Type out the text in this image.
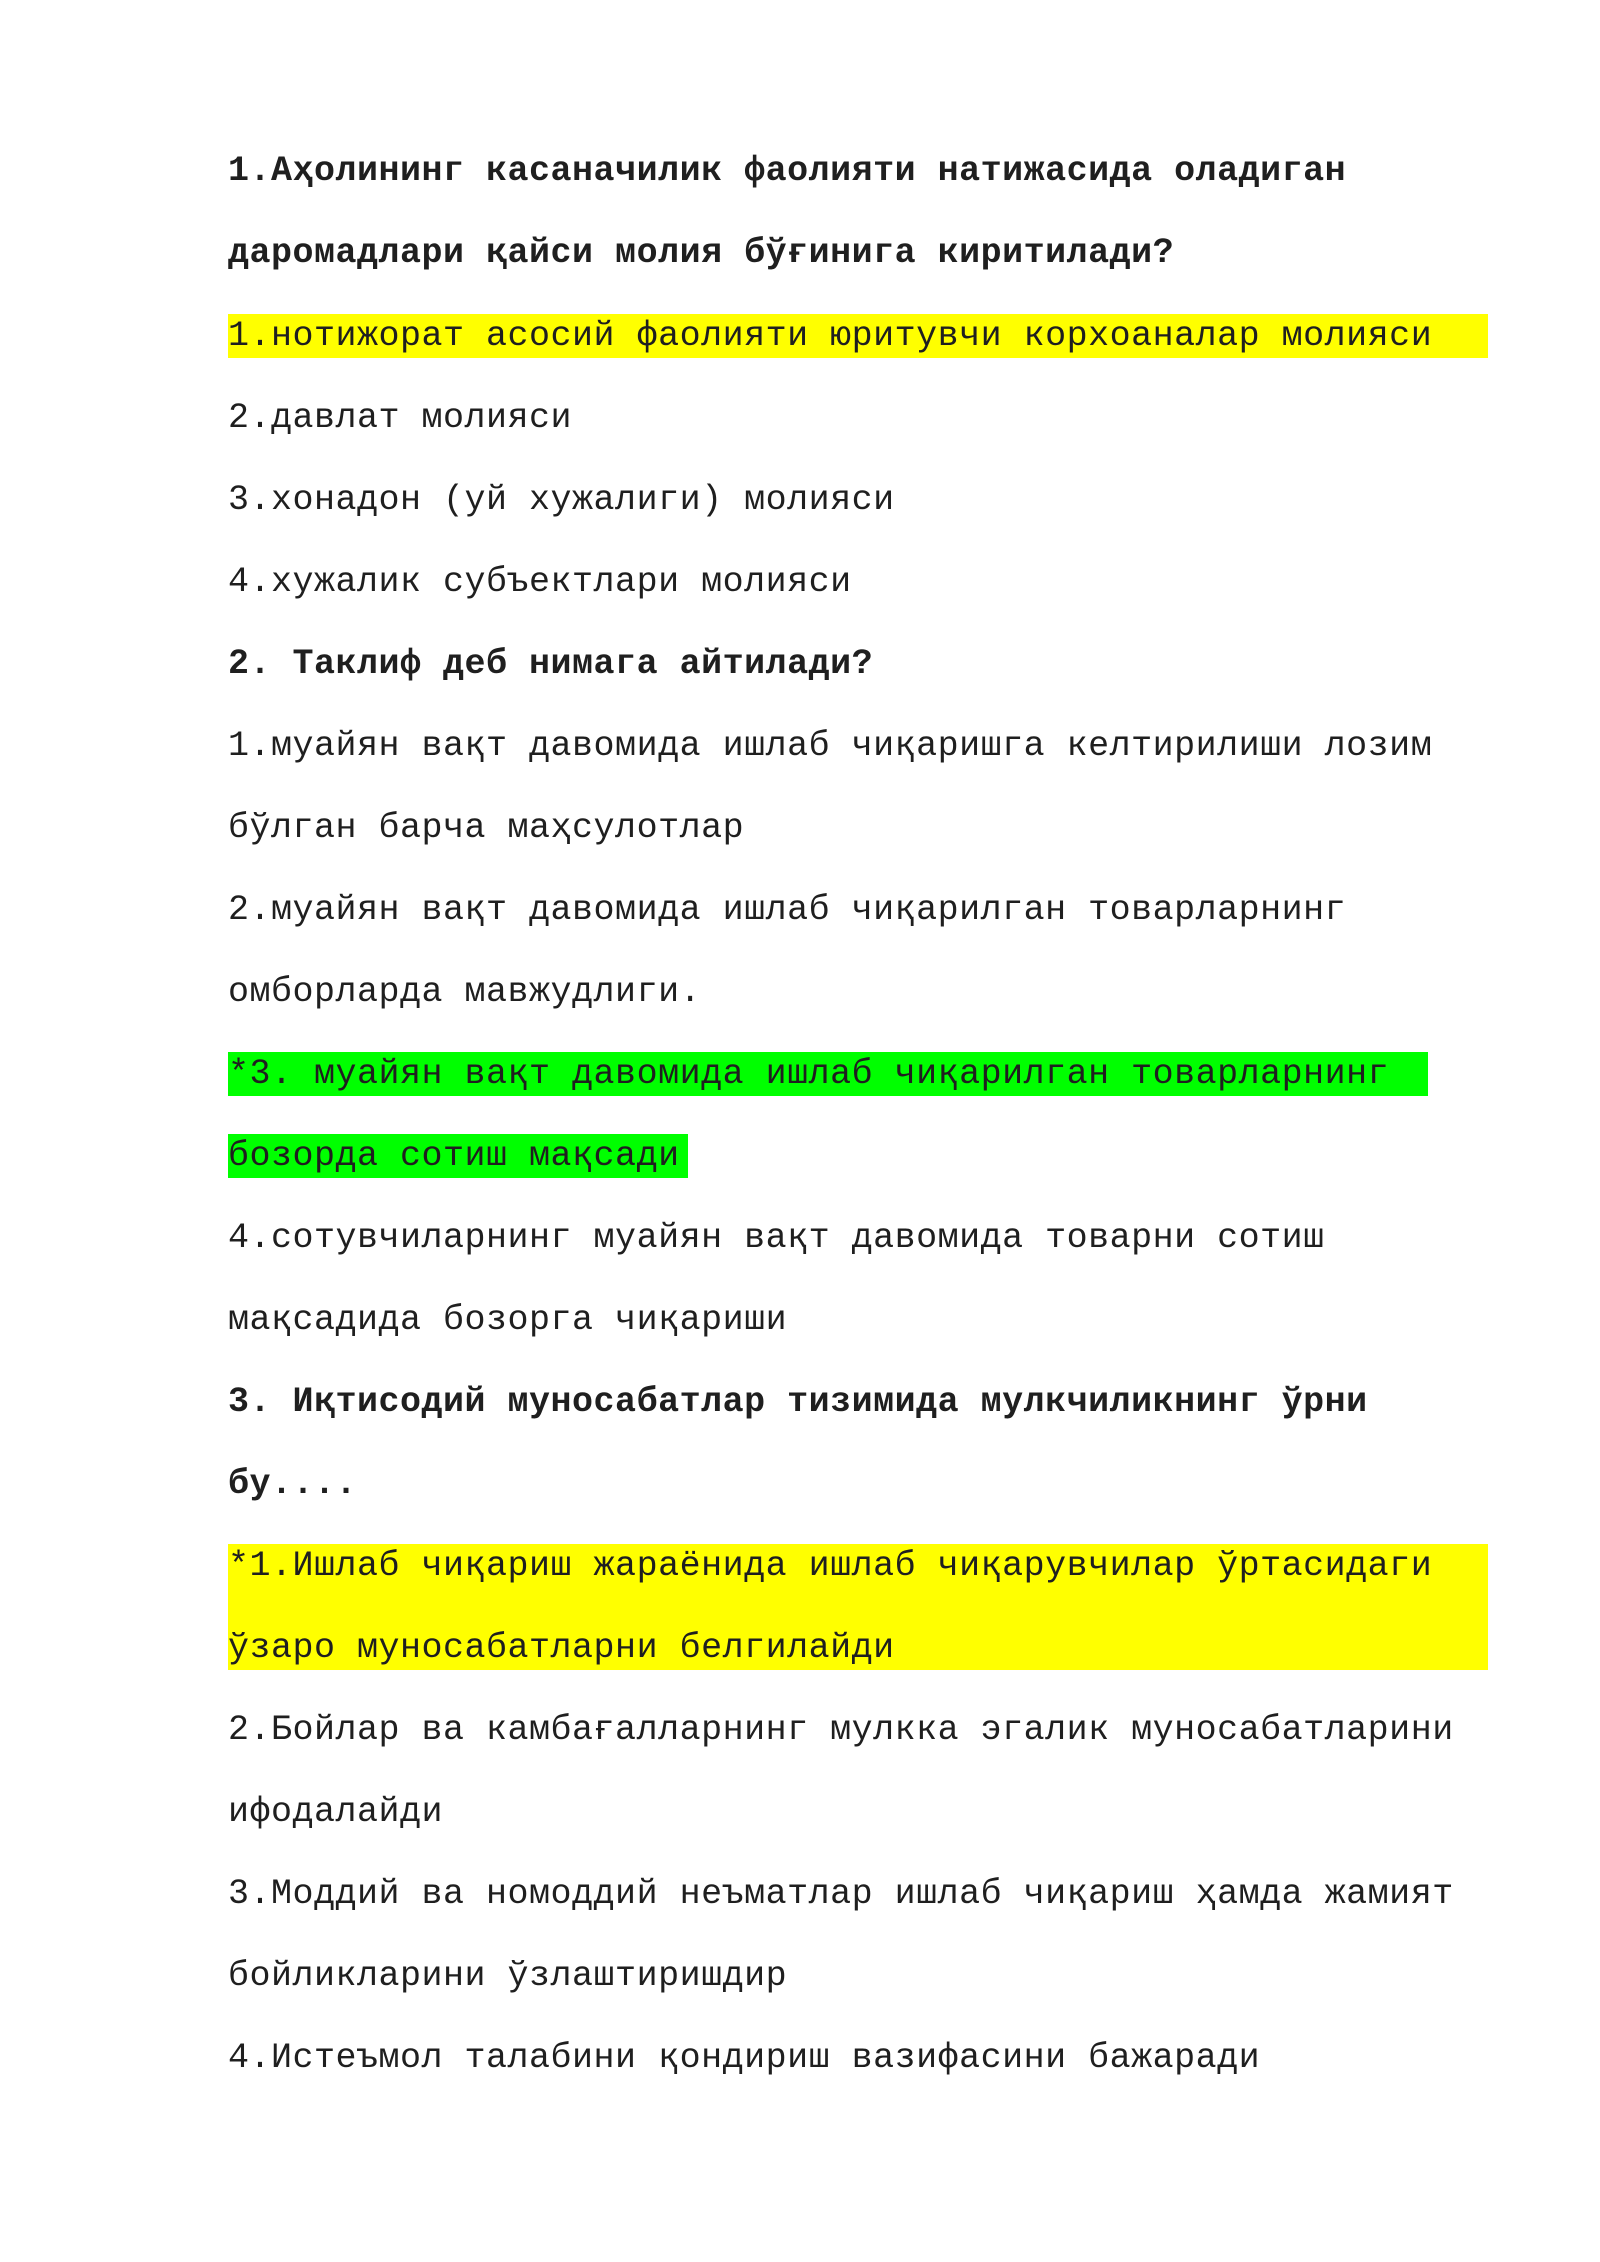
1.Аҳолининг касаначилик фаолияти натижасида оладиган
даромадлари қайси молия бўғинига киритилади?
1.нотижорат асосий фаолияти юритувчи корхоаналар молияси
2.давлат молияси
3.хонадон (уй хужалиги) молияси
4.хужалик субъектлари молияси
2. Таклиф деб нимага айтилади?
1.муайян вақт давомида ишлаб чиқаришга келтирилиши лозим
бўлган барча маҳсулотлар
2.муайян вақт давомида ишлаб чиқарилган товарларнинг
омборларда мавжудлиги.
*3. муайян вақт давомида ишлаб чиқарилган товарларнинг
бозорда сотиш мақсади
4.сотувчиларнинг муайян вақт давомида товарни сотиш
мақсадида бозорга чиқариши
3. Иқтисодий муносабатлар тизимида мулкчиликнинг ўрни
бу....
*1.Ишлаб чиқариш жараёнида ишлаб чиқарувчилар ўртасидаги
ўзаро муносабатларни белгилайди
2.Бойлар ва камбағалларнинг мулкка эгалик муносабатларини
ифодалайди
3.Моддий ва номоддий неъматлар ишлаб чиқариш ҳамда жамият
бойликларини ўзлаштиришдир
4.Истеъмол талабини қондириш вазифасини бажаради
